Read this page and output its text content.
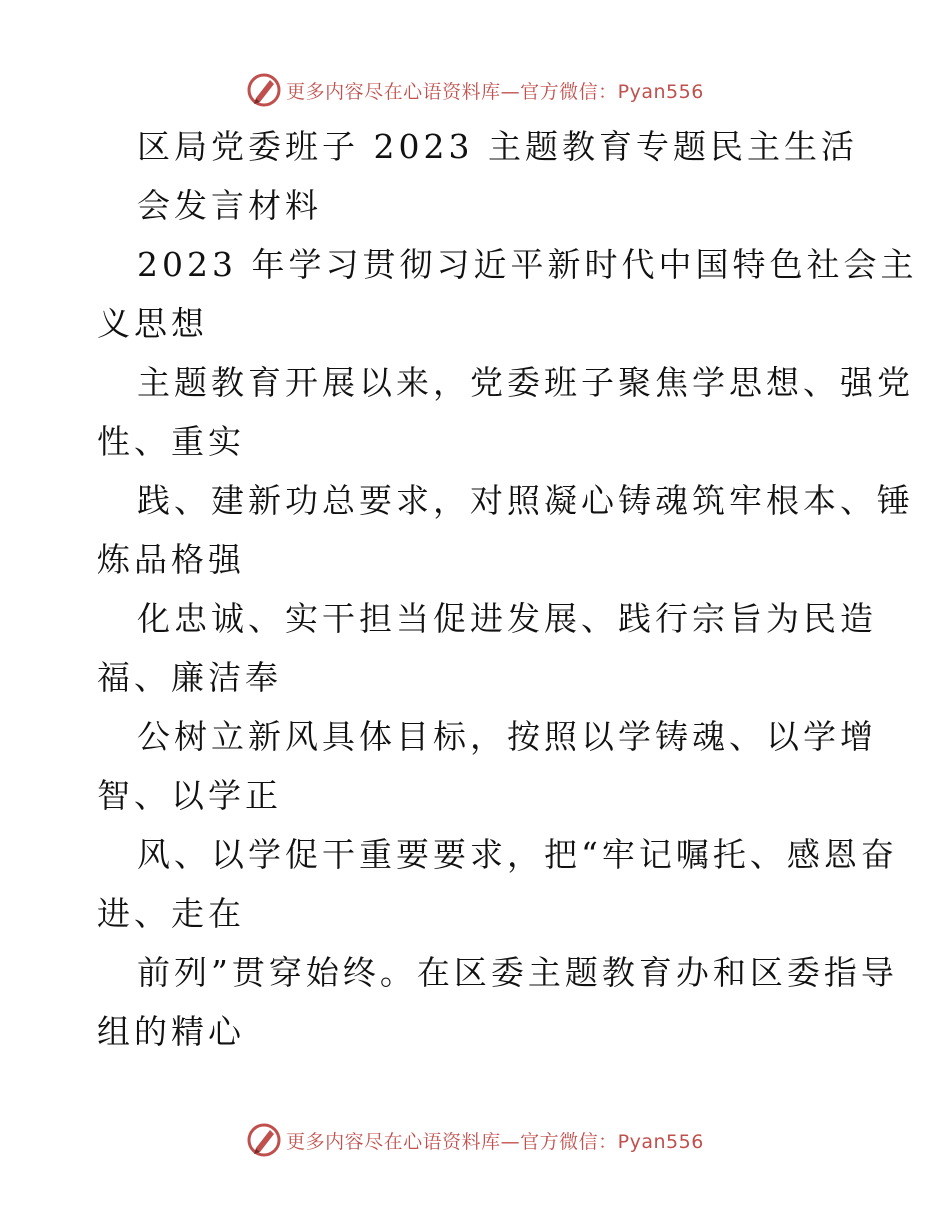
更多内容尽在心语资料库—官方微信：Pyan556
区局党委班子 2023 主题教育专题民主生活
会发言材料
2023 年学习贯彻习近平新时代中国特色社会主
义思想
主题教育开展以来，党委班子聚焦学思想、强党
性、重实
践、建新功总要求，对照凝心铸魂筑牢根本、锤
炼品格强
化忠诚、实干担当促进发展、践行宗旨为民造
福、廉洁奉
公树立新风具体目标，按照以学铸魂、以学增
智、以学正
风、以学促干重要要求，把“牢记嘱托、感恩奋
进、走在
前列”贯穿始终。在区委主题教育办和区委指导
组的精心
更多内容尽在心语资料库—官方微信：Pyan556
